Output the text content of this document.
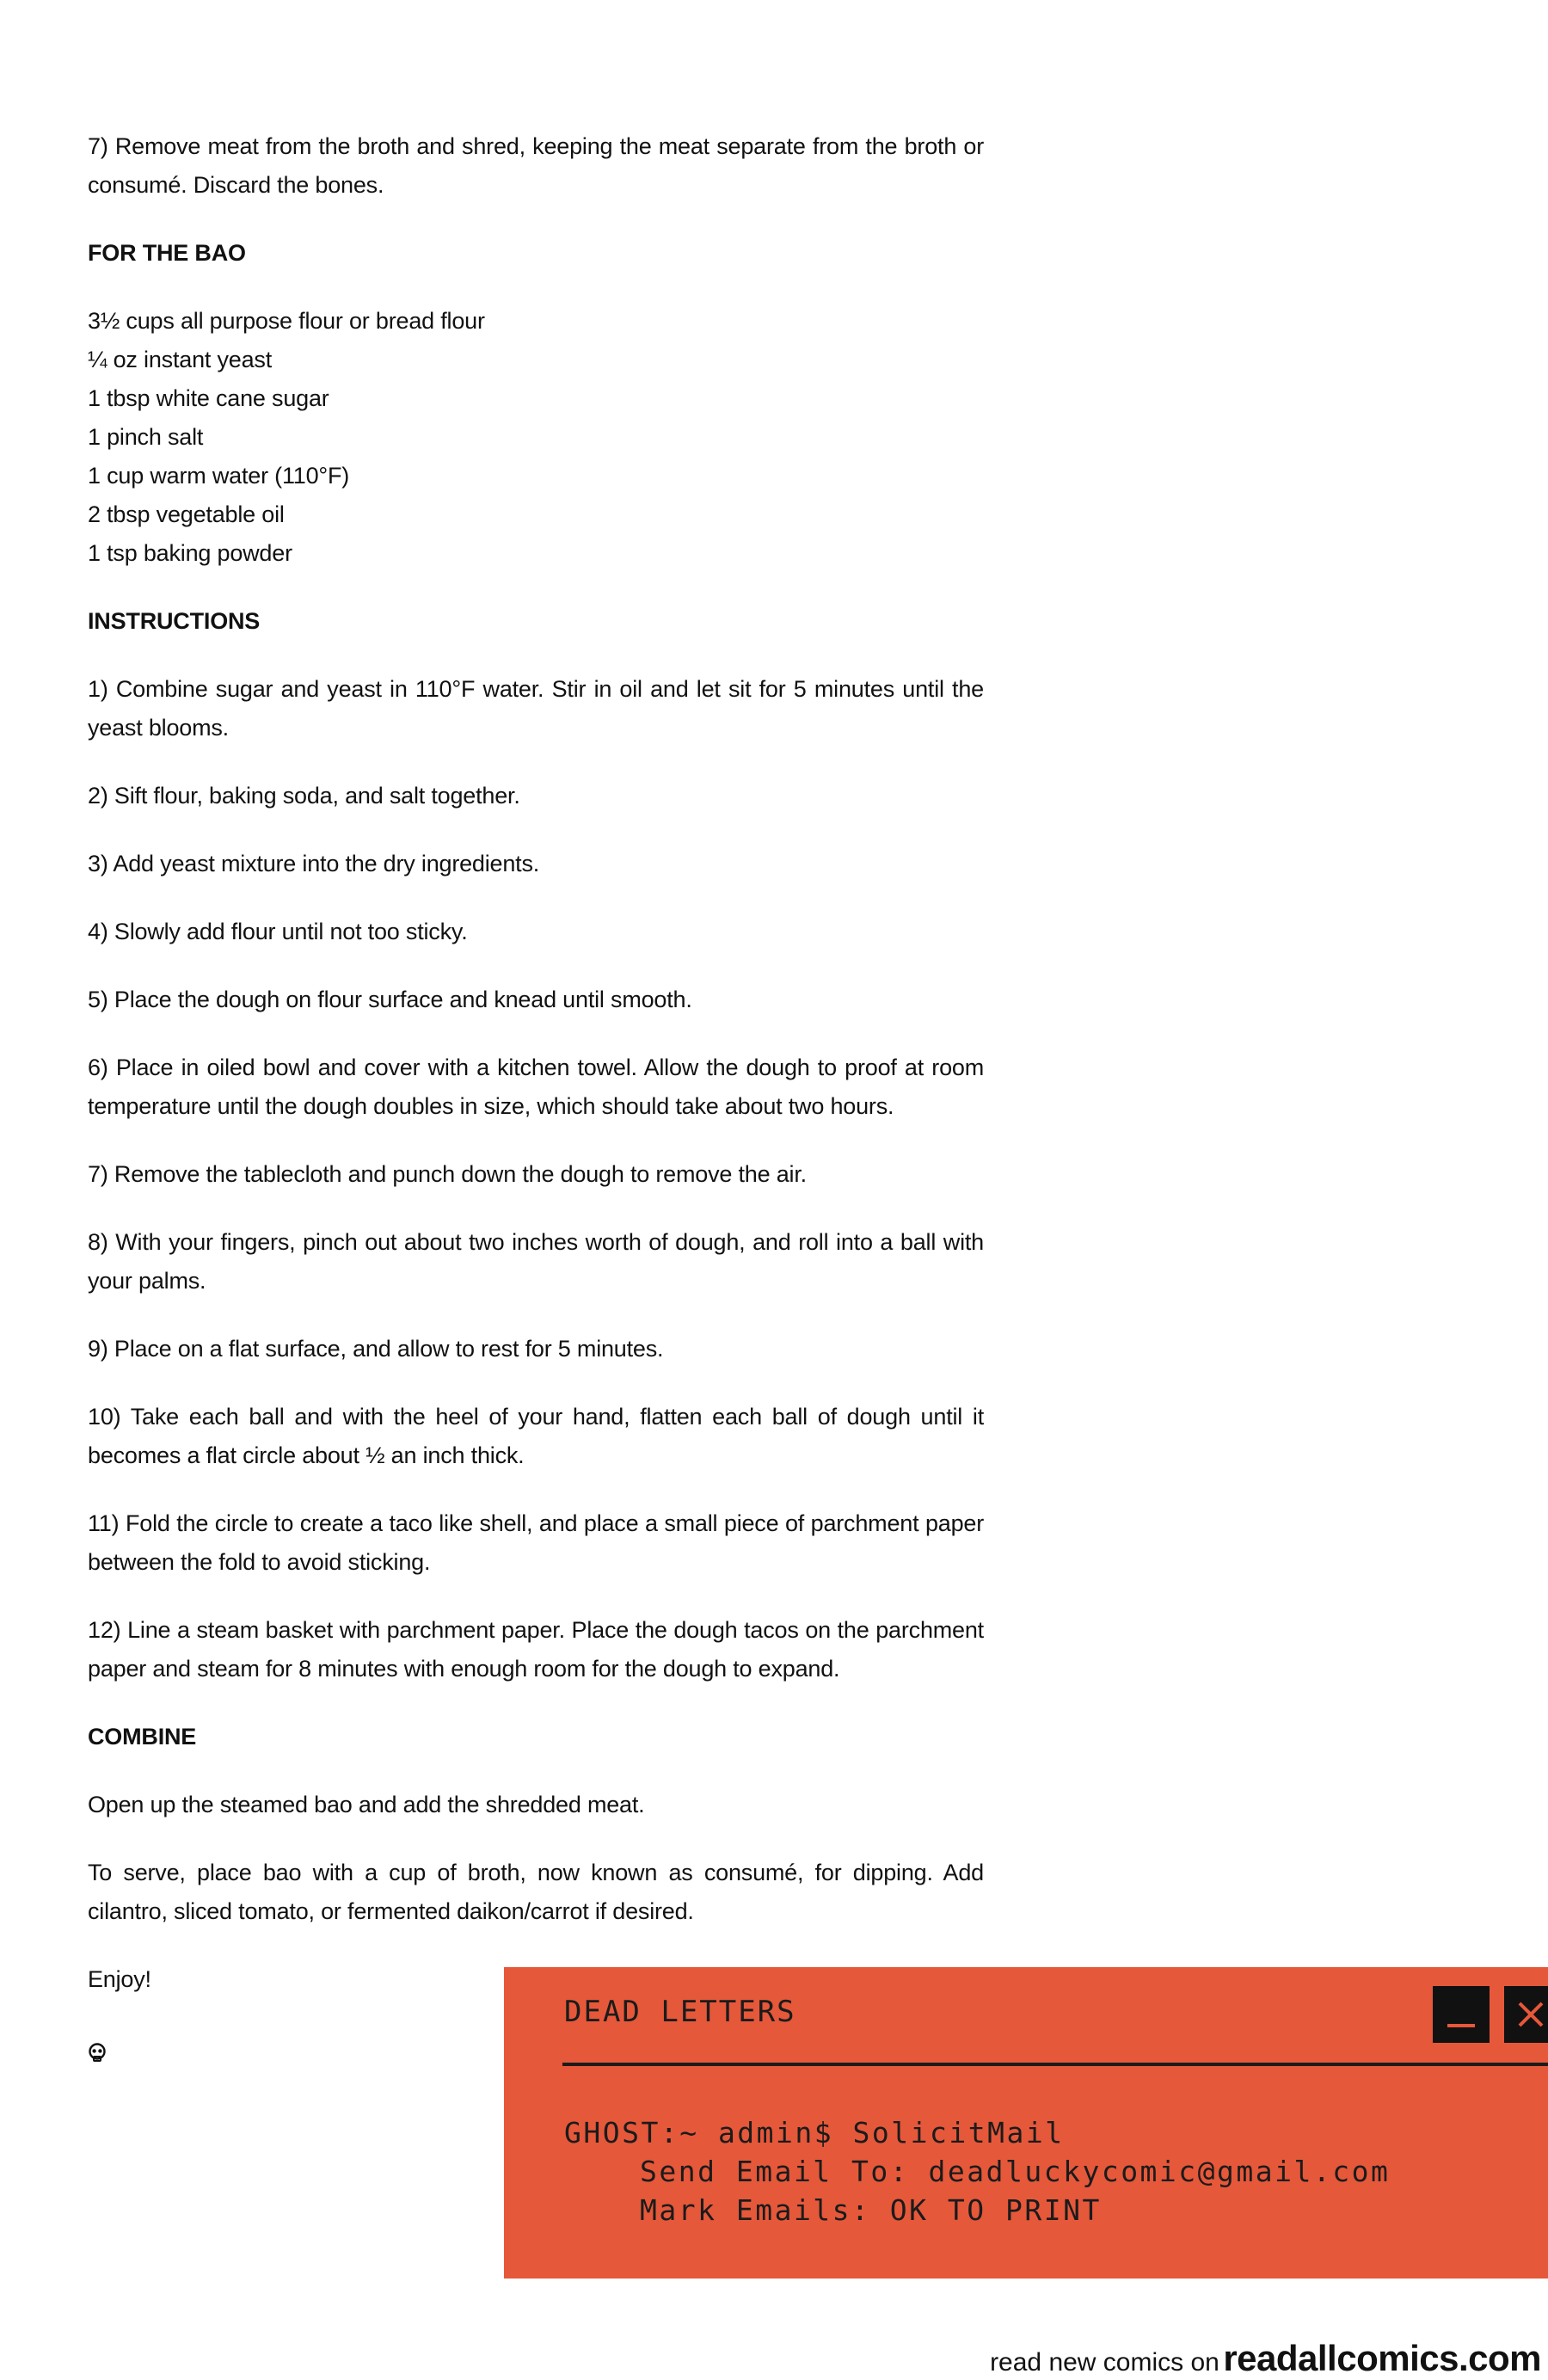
7) Remove meat from the broth and shred, keeping the meat separate from the broth or consumé. Discard the bones.

FOR THE BAO
3½ cups all purpose flour or bread flour
¼ oz instant yeast
1 tbsp white cane sugar
1 pinch salt
1 cup warm water (110°F)
2 tbsp vegetable oil
1 tsp baking powder
INSTRUCTIONS

1) Combine sugar and yeast in 110°F water. Stir in oil and let sit for 5 minutes until the yeast blooms.

2) Sift flour, baking soda, and salt together.

3) Add yeast mixture into the dry ingredients.

4) Slowly add flour until not too sticky.

5) Place the dough on flour surface and knead until smooth.

6) Place in oiled bowl and cover with a kitchen towel. Allow the dough to proof at room temperature until the dough doubles in size, which should take about two hours.

7) Remove the tablecloth and punch down the dough to remove the air.

8) With your fingers, pinch out about two inches worth of dough, and roll into a ball with your palms.

9) Place on a flat surface, and allow to rest for 5 minutes.

10) Take each ball and with the heel of your hand, flatten each ball of dough until it becomes a flat circle about ½ an inch thick.

11) Fold the circle to create a taco like shell, and place a small piece of parchment paper between the fold to avoid sticking.

12) Line a steam basket with parchment paper. Place the dough tacos on the parchment paper and steam for 8 minutes with enough room for the dough to expand.

COMBINE

Open up the steamed bao and add the shredded meat.

To serve, place bao with a cup of broth, now known as consumé, for dipping. Add cilantro, sliced tomato, or fermented daikon/carrot if desired.

Enjoy!

DEAD LETTERS
GHOST:~ admin$ SolicitMail
Send Email To: deadluckycomic@gmail.com
Mark Emails: OK TO PRINT
read new comics on readallcomics.com
